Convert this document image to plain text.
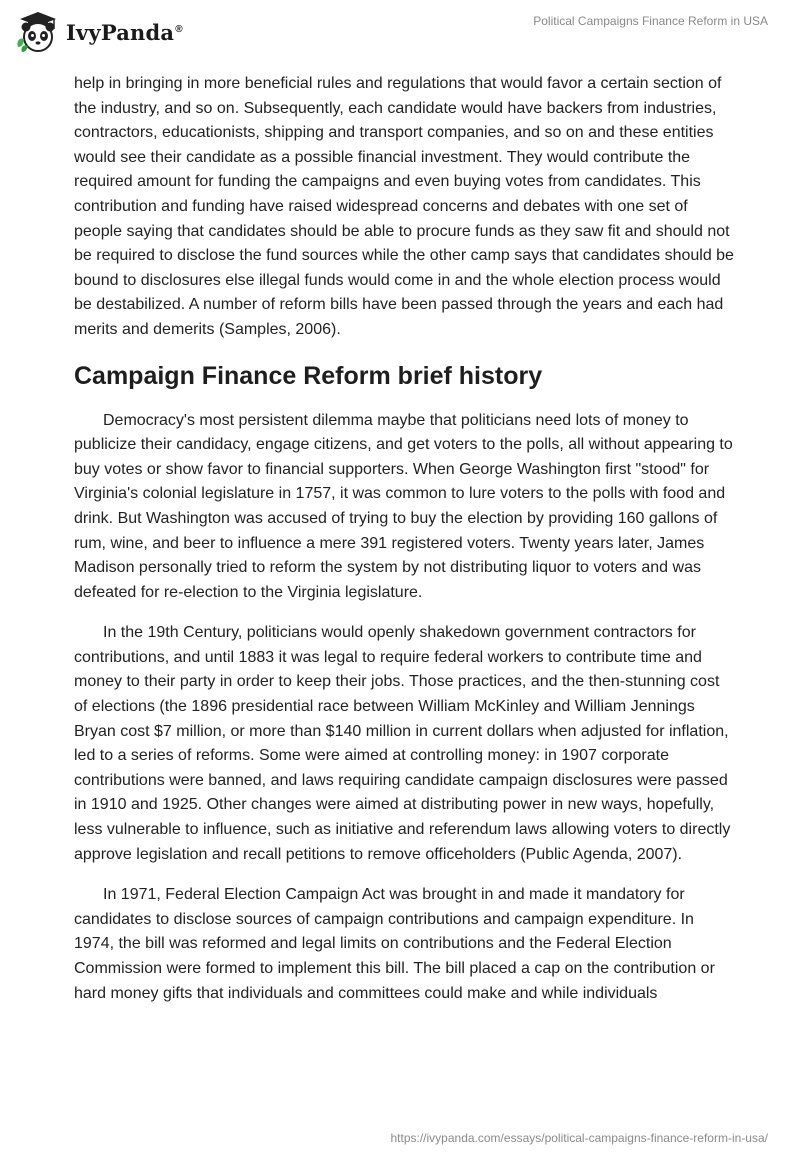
IvyPanda®
Political Campaigns Finance Reform in USA

help in bringing in more beneficial rules and regulations that would favor a certain section of the industry, and so on. Subsequently, each candidate would have backers from industries, contractors, educationists, shipping and transport companies, and so on and these entities would see their candidate as a possible financial investment. They would contribute the required amount for funding the campaigns and even buying votes from candidates. This contribution and funding have raised widespread concerns and debates with one set of people saying that candidates should be able to procure funds as they saw fit and should not be required to disclose the fund sources while the other camp says that candidates should be bound to disclosures else illegal funds would come in and the whole election process would be destabilized. A number of reform bills have been passed through the years and each had merits and demerits (Samples, 2006).

Campaign Finance Reform brief history

Democracy's most persistent dilemma maybe that politicians need lots of money to publicize their candidacy, engage citizens, and get voters to the polls, all without appearing to buy votes or show favor to financial supporters. When George Washington first "stood" for Virginia's colonial legislature in 1757, it was common to lure voters to the polls with food and drink. But Washington was accused of trying to buy the election by providing 160 gallons of rum, wine, and beer to influence a mere 391 registered voters. Twenty years later, James Madison personally tried to reform the system by not distributing liquor to voters and was defeated for re-election to the Virginia legislature.

In the 19th Century, politicians would openly shakedown government contractors for contributions, and until 1883 it was legal to require federal workers to contribute time and money to their party in order to keep their jobs. Those practices, and the then-stunning cost of elections (the 1896 presidential race between William McKinley and William Jennings Bryan cost $7 million, or more than $140 million in current dollars when adjusted for inflation, led to a series of reforms. Some were aimed at controlling money: in 1907 corporate contributions were banned, and laws requiring candidate campaign disclosures were passed in 1910 and 1925. Other changes were aimed at distributing power in new ways, hopefully, less vulnerable to influence, such as initiative and referendum laws allowing voters to directly approve legislation and recall petitions to remove officeholders (Public Agenda, 2007).

In 1971, Federal Election Campaign Act was brought in and made it mandatory for candidates to disclose sources of campaign contributions and campaign expenditure. In 1974, the bill was reformed and legal limits on contributions and the Federal Election Commission were formed to implement this bill. The bill placed a cap on the contribution or hard money gifts that individuals and committees could make and while individuals

https://ivypanda.com/essays/political-campaigns-finance-reform-in-usa/
